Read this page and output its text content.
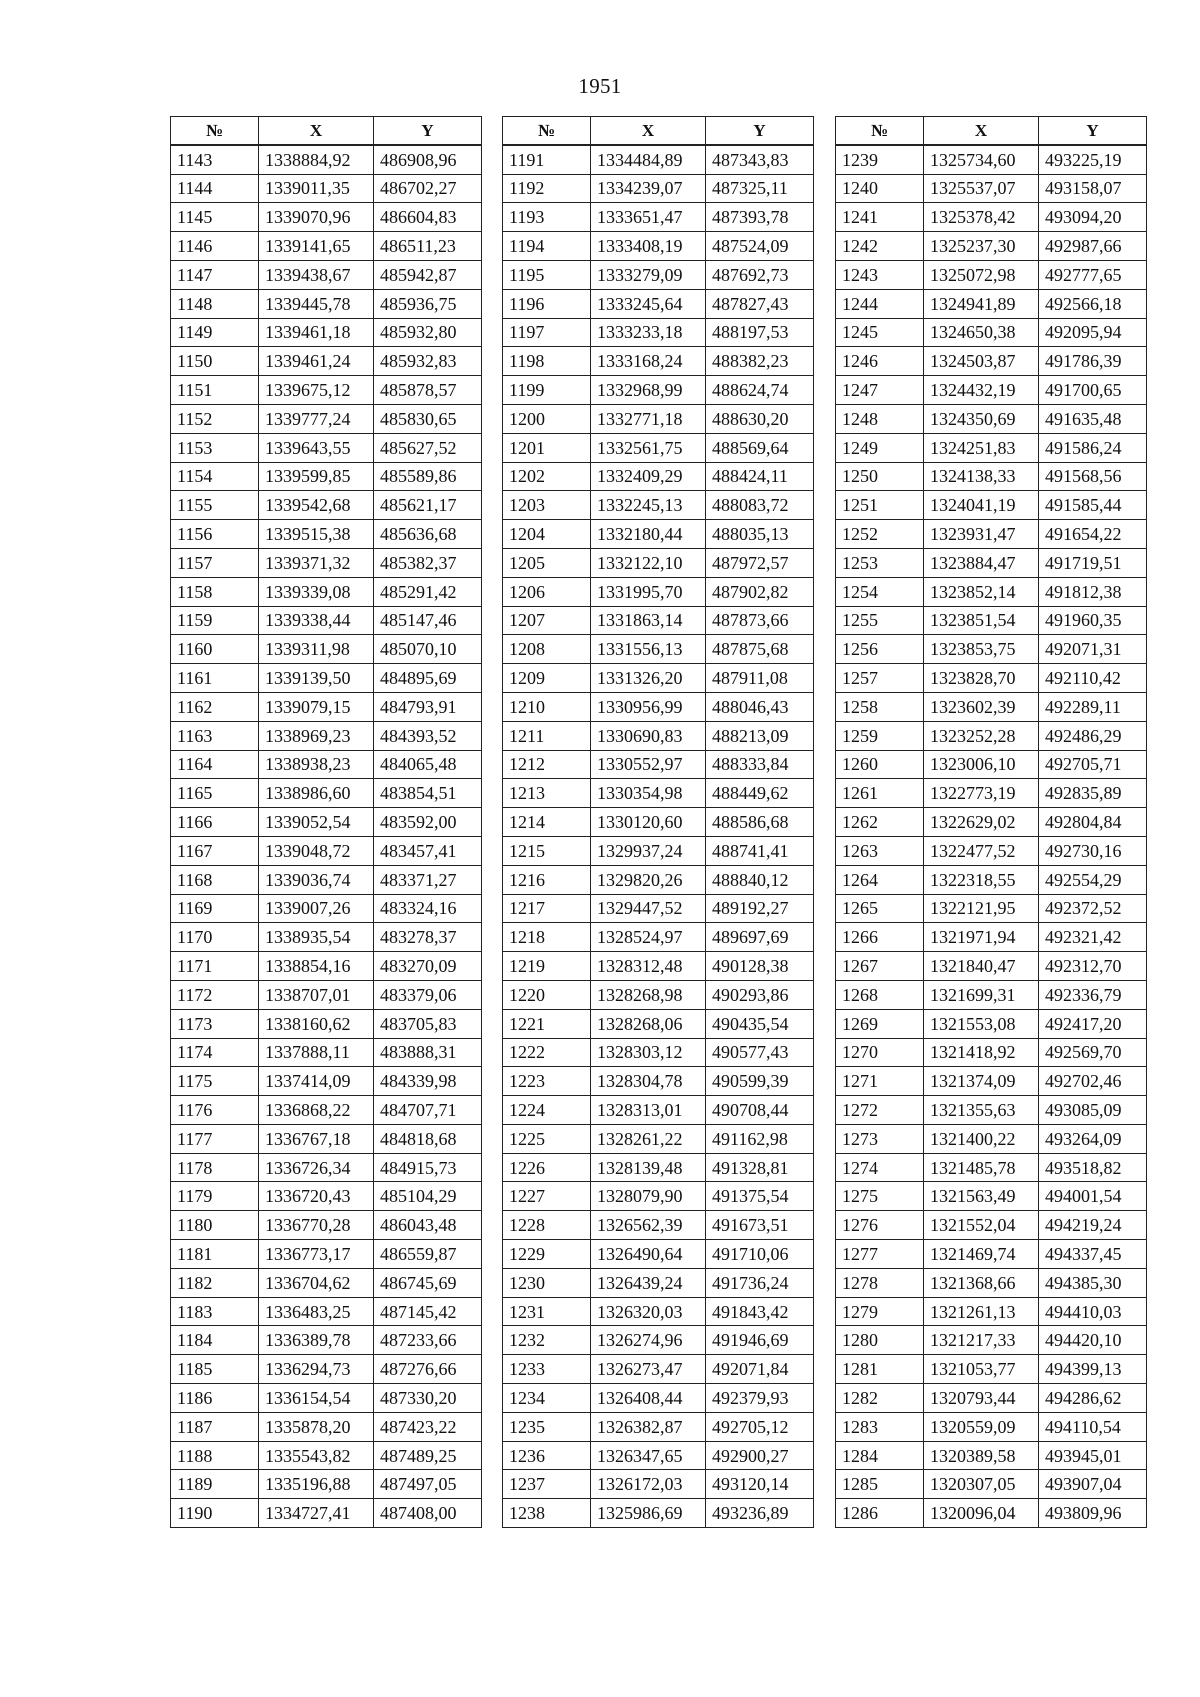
1951
№	X	Y
1143	1338884,92	486908,96
1144	1339011,35	486702,27
1145	1339070,96	486604,83
1146	1339141,65	486511,23
1147	1339438,67	485942,87
1148	1339445,78	485936,75
1149	1339461,18	485932,80
1150	1339461,24	485932,83
1151	1339675,12	485878,57
1152	1339777,24	485830,65
1153	1339643,55	485627,52
1154	1339599,85	485589,86
1155	1339542,68	485621,17
1156	1339515,38	485636,68
1157	1339371,32	485382,37
1158	1339339,08	485291,42
1159	1339338,44	485147,46
1160	1339311,98	485070,10
1161	1339139,50	484895,69
1162	1339079,15	484793,91
1163	1338969,23	484393,52
1164	1338938,23	484065,48
1165	1338986,60	483854,51
1166	1339052,54	483592,00
1167	1339048,72	483457,41
1168	1339036,74	483371,27
1169	1339007,26	483324,16
1170	1338935,54	483278,37
1171	1338854,16	483270,09
1172	1338707,01	483379,06
1173	1338160,62	483705,83
1174	1337888,11	483888,31
1175	1337414,09	484339,98
1176	1336868,22	484707,71
1177	1336767,18	484818,68
1178	1336726,34	484915,73
1179	1336720,43	485104,29
1180	1336770,28	486043,48
1181	1336773,17	486559,87
1182	1336704,62	486745,69
1183	1336483,25	487145,42
1184	1336389,78	487233,66
1185	1336294,73	487276,66
1186	1336154,54	487330,20
1187	1335878,20	487423,22
1188	1335543,82	487489,25
1189	1335196,88	487497,05
1190	1334727,41	487408,00
№	X	Y
1191	1334484,89	487343,83
1192	1334239,07	487325,11
1193	1333651,47	487393,78
1194	1333408,19	487524,09
1195	1333279,09	487692,73
1196	1333245,64	487827,43
1197	1333233,18	488197,53
1198	1333168,24	488382,23
1199	1332968,99	488624,74
1200	1332771,18	488630,20
1201	1332561,75	488569,64
1202	1332409,29	488424,11
1203	1332245,13	488083,72
1204	1332180,44	488035,13
1205	1332122,10	487972,57
1206	1331995,70	487902,82
1207	1331863,14	487873,66
1208	1331556,13	487875,68
1209	1331326,20	487911,08
1210	1330956,99	488046,43
1211	1330690,83	488213,09
1212	1330552,97	488333,84
1213	1330354,98	488449,62
1214	1330120,60	488586,68
1215	1329937,24	488741,41
1216	1329820,26	488840,12
1217	1329447,52	489192,27
1218	1328524,97	489697,69
1219	1328312,48	490128,38
1220	1328268,98	490293,86
1221	1328268,06	490435,54
1222	1328303,12	490577,43
1223	1328304,78	490599,39
1224	1328313,01	490708,44
1225	1328261,22	491162,98
1226	1328139,48	491328,81
1227	1328079,90	491375,54
1228	1326562,39	491673,51
1229	1326490,64	491710,06
1230	1326439,24	491736,24
1231	1326320,03	491843,42
1232	1326274,96	491946,69
1233	1326273,47	492071,84
1234	1326408,44	492379,93
1235	1326382,87	492705,12
1236	1326347,65	492900,27
1237	1326172,03	493120,14
1238	1325986,69	493236,89
№	X	Y
1239	1325734,60	493225,19
1240	1325537,07	493158,07
1241	1325378,42	493094,20
1242	1325237,30	492987,66
1243	1325072,98	492777,65
1244	1324941,89	492566,18
1245	1324650,38	492095,94
1246	1324503,87	491786,39
1247	1324432,19	491700,65
1248	1324350,69	491635,48
1249	1324251,83	491586,24
1250	1324138,33	491568,56
1251	1324041,19	491585,44
1252	1323931,47	491654,22
1253	1323884,47	491719,51
1254	1323852,14	491812,38
1255	1323851,54	491960,35
1256	1323853,75	492071,31
1257	1323828,70	492110,42
1258	1323602,39	492289,11
1259	1323252,28	492486,29
1260	1323006,10	492705,71
1261	1322773,19	492835,89
1262	1322629,02	492804,84
1263	1322477,52	492730,16
1264	1322318,55	492554,29
1265	1322121,95	492372,52
1266	1321971,94	492321,42
1267	1321840,47	492312,70
1268	1321699,31	492336,79
1269	1321553,08	492417,20
1270	1321418,92	492569,70
1271	1321374,09	492702,46
1272	1321355,63	493085,09
1273	1321400,22	493264,09
1274	1321485,78	493518,82
1275	1321563,49	494001,54
1276	1321552,04	494219,24
1277	1321469,74	494337,45
1278	1321368,66	494385,30
1279	1321261,13	494410,03
1280	1321217,33	494420,10
1281	1321053,77	494399,13
1282	1320793,44	494286,62
1283	1320559,09	494110,54
1284	1320389,58	493945,01
1285	1320307,05	493907,04
1286	1320096,04	493809,96
